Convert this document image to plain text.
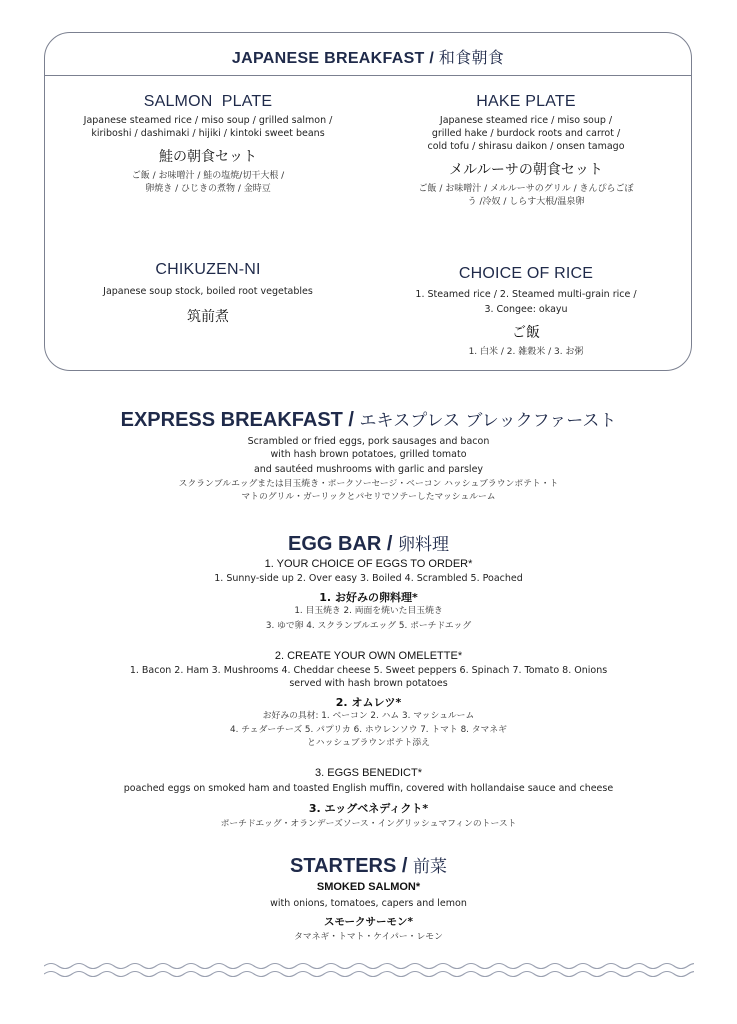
JAPANESE BREAKFAST / 和食朝食
SALMON  PLATE
Japanese steamed rice / miso soup / grilled salmon /
kiriboshi / dashimaki / hijiki / kintoki sweet beans
鮭の朝食セット
ご飯 / お味噌汁 / 鮭の塩焼/切干大根 /
卵焼き / ひじきの煮物 / 金時豆
HAKE PLATE
Japanese steamed rice / miso soup /
grilled hake / burdock roots and carrot /
cold tofu / shirasu daikon / onsen tamago
メルルーサの朝食セット
ご飯 / お味噌汁 / メルルーサのグリル / きんぴらごぼ
う /冷奴 / しらす大根/温泉卵
CHIKUZEN-NI
Japanese soup stock, boiled root vegetables
筑前煮
CHOICE OF RICE
1. Steamed rice / 2. Steamed multi-grain rice /
3. Congee: okayu
ご飯
1. 白米 / 2. 雑穀米 / 3. お粥
EXPRESS BREAKFAST / エキスプレス ブレックファースト
Scrambled or fried eggs, pork sausages and bacon
with hash brown potatoes, grilled tomato
and sautéed mushrooms with garlic and parsley
スクランブルエッグまたは目玉焼き・ポークソーセージ・ベーコン ハッシュブラウンポテト・ト
マトのグリル・ガーリックとパセリでソテーしたマッシュルーム
EGG BAR / 卵料理
1. YOUR CHOICE OF EGGS TO ORDER*
1. Sunny-side up 2. Over easy 3. Boiled 4. Scrambled 5. Poached
1. お好みの卵料理*
1. 目玉焼き 2. 両面を焼いた目玉焼き
3. ゆで卵 4. スクランブルエッグ 5. ポーチドエッグ
2. CREATE YOUR OWN OMELETTE*
1. Bacon 2. Ham 3. Mushrooms 4. Cheddar cheese 5. Sweet peppers 6. Spinach 7. Tomato 8. Onions
served with hash brown potatoes
2. オムレツ*
お好みの具材: 1. ベーコン 2. ハム 3. マッシュルーム
4. チェダーチーズ 5. パプリカ 6. ホウレンソウ 7. トマト 8. タマネギ
とハッシュブラウンポテト添え
3. EGGS BENEDICT*
poached eggs on smoked ham and toasted English muffin, covered with hollandaise sauce and cheese
3. エッグベネディクト*
ポーチドエッグ・オランデーズソース・イングリッシュマフィンのトースト
STARTERS / 前菜
SMOKED SALMON*
with onions, tomatoes, capers and lemon
スモークサーモン*
タマネギ・トマト・ケイパー・レモン
